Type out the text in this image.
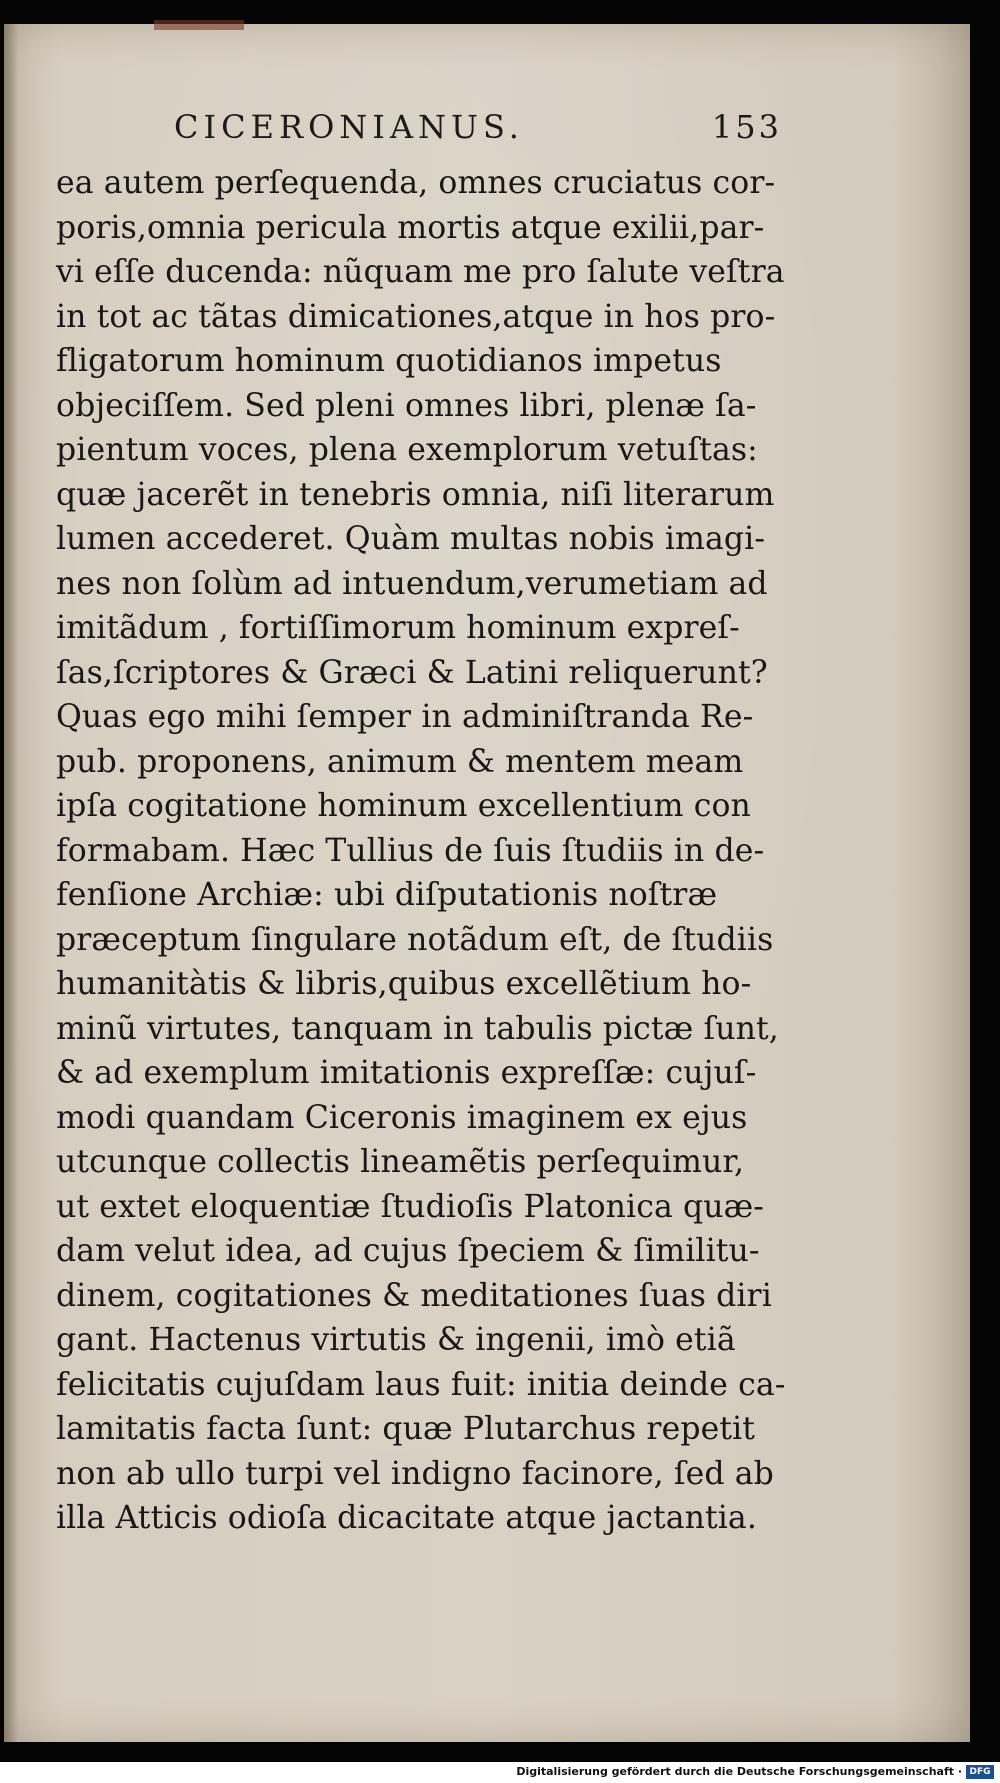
CICERONIANUS.	153
ea autem perſequenda, omnes cruciatus cor-
poris,omnia pericula mortis atque exilii,par-
vi eſſe ducenda: nũquam me pro ſalute veſtra
in tot ac tãtas dimicationes,atque in hos pro-
fligatorum hominum quotidianos impetus
objeciſſem. Sed pleni omnes libri, plenæ ſa-
pientum voces, plena exemplorum vetuſtas:
quæ jacerẽt in tenebris omnia, niſi literarum
lumen accederet. Quàm multas nobis imagi-
nes non ſolùm ad intuendum,verumetiam ad
imitãdum , fortiſſimorum hominum expreſ-
ſas,ſcriptores & Græci & Latini reliquerunt?
Quas ego mihi ſemper in adminiſtranda Re-
pub. proponens, animum & mentem meam
ipſa cogitatione hominum excellentium con
formabam. Hæc Tullius de ſuis ſtudiis in de-
fenſione Archiæ: ubi diſputationis noſtræ
præceptum ſingulare notãdum eſt, de ſtudiis
humanitàtis & libris,quibus excellẽtium ho-
minũ virtutes, tanquam in tabulis pictæ ſunt,
& ad exemplum imitationis expreſſæ: cujuſ-
modi quandam Ciceronis imaginem ex ejus
utcunque collectis lineamẽtis perſequimur,
ut extet eloquentiæ ſtudioſis Platonica quæ-
dam velut idea, ad cujus ſpeciem & ſimilitu-
dinem, cogitationes & meditationes ſuas diri
gant. Hactenus virtutis & ingenii, imò etiã
felicitatis cujuſdam laus fuit: initia deinde ca-
lamitatis facta ſunt: quæ Plutarchus repetit
non ab ullo turpi vel indigno facinore, ſed ab
illa Atticis odioſa dicacitate atque jactantia.
Digitalisierung gefördert durch die Deutsche Forschungsgemeinschaft · DFG
